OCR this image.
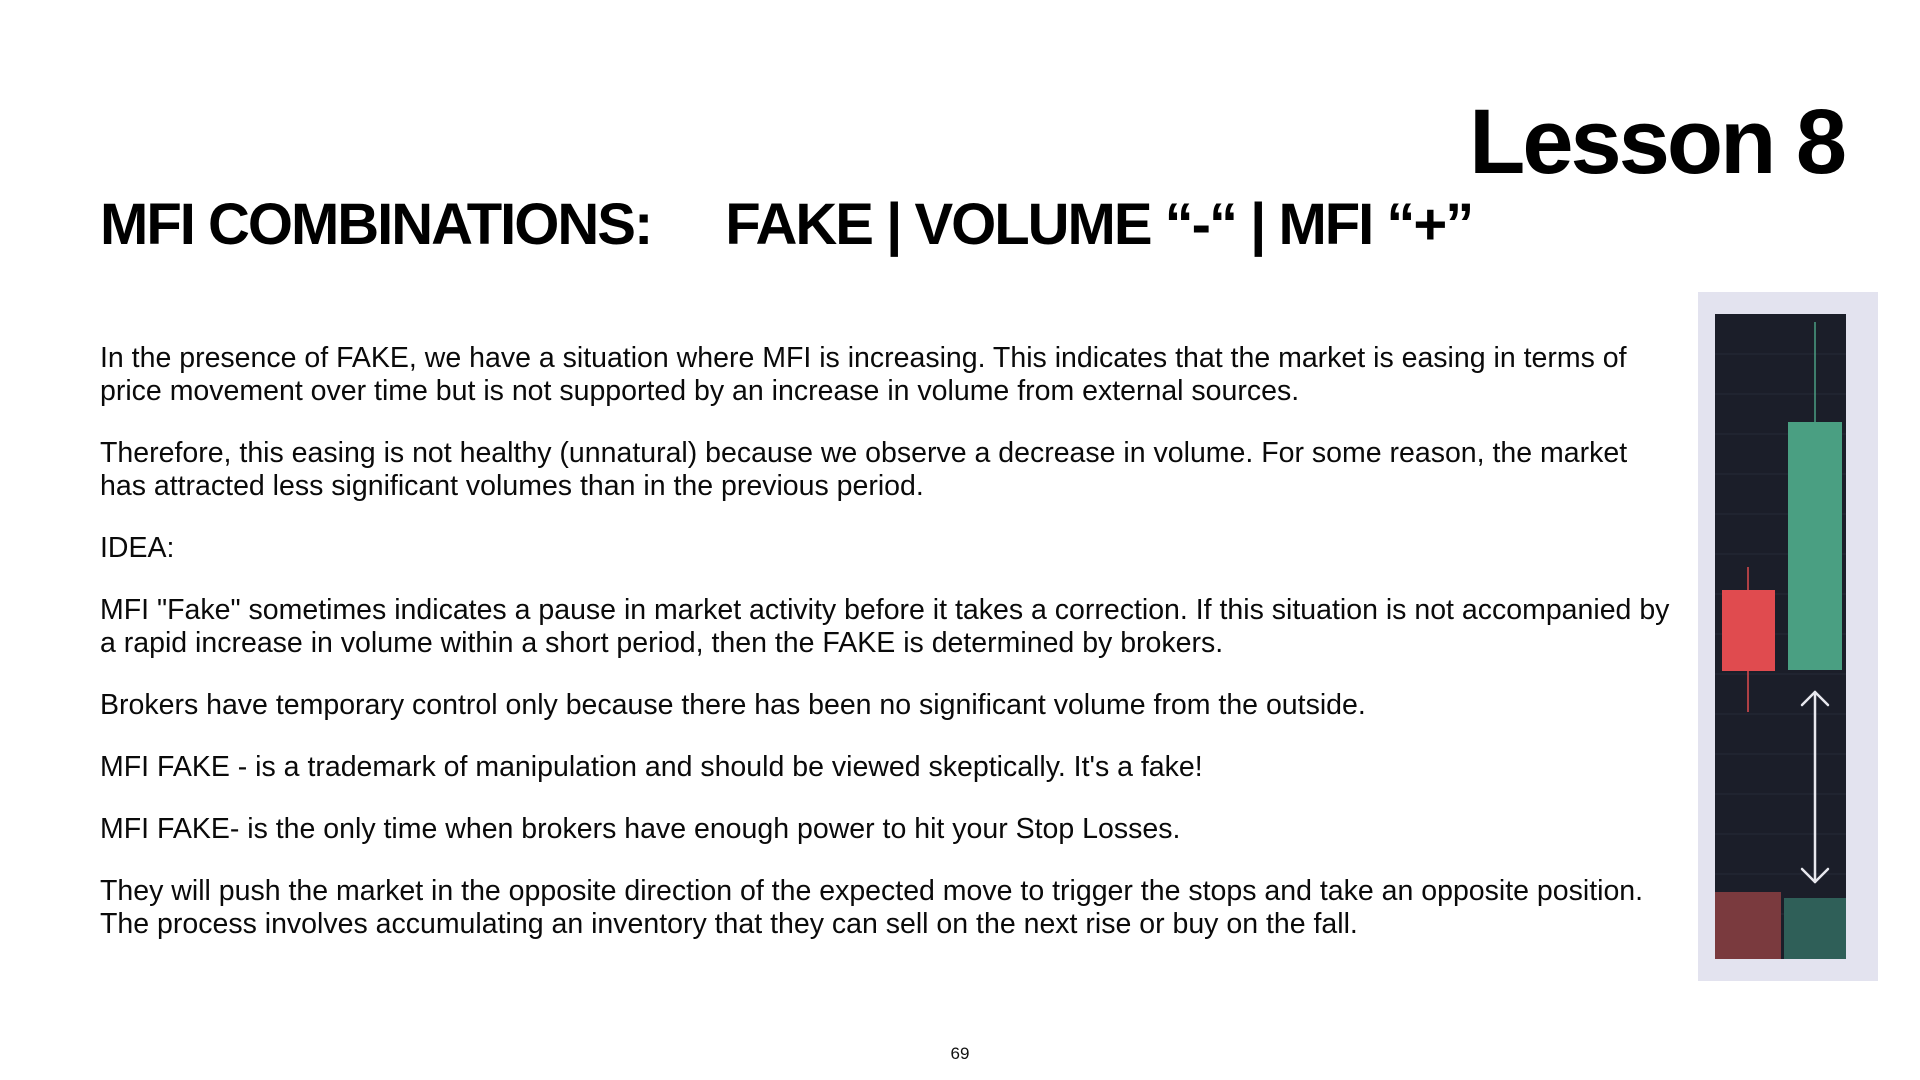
Lesson 8
MFI COMBINATIONS: FAKE | VOLUME “-“ | MFI “+”

In the presence of FAKE, we have a situation where MFI is increasing. This indicates that the market is easing in terms of price movement over time but is not supported by an increase in volume from external sources.

Therefore, this easing is not healthy (unnatural) because we observe a decrease in volume. For some reason, the market has attracted less significant volumes than in the previous period.

IDEA:

MFI "Fake" sometimes indicates a pause in market activity before it takes a correction. If this situation is not accompanied by a rapid increase in volume within a short period, then the FAKE is determined by brokers.

Brokers have temporary control only because there has been no significant volume from the outside.

MFI FAKE - is a trademark of manipulation and should be viewed skeptically. It's a fake!

MFI FAKE- is the only time when brokers have enough power to hit your Stop Losses.

They will push the market in the opposite direction of the expected move to trigger the stops and take an opposite position. The process involves accumulating an inventory that they can sell on the next rise or buy on the fall.

69
